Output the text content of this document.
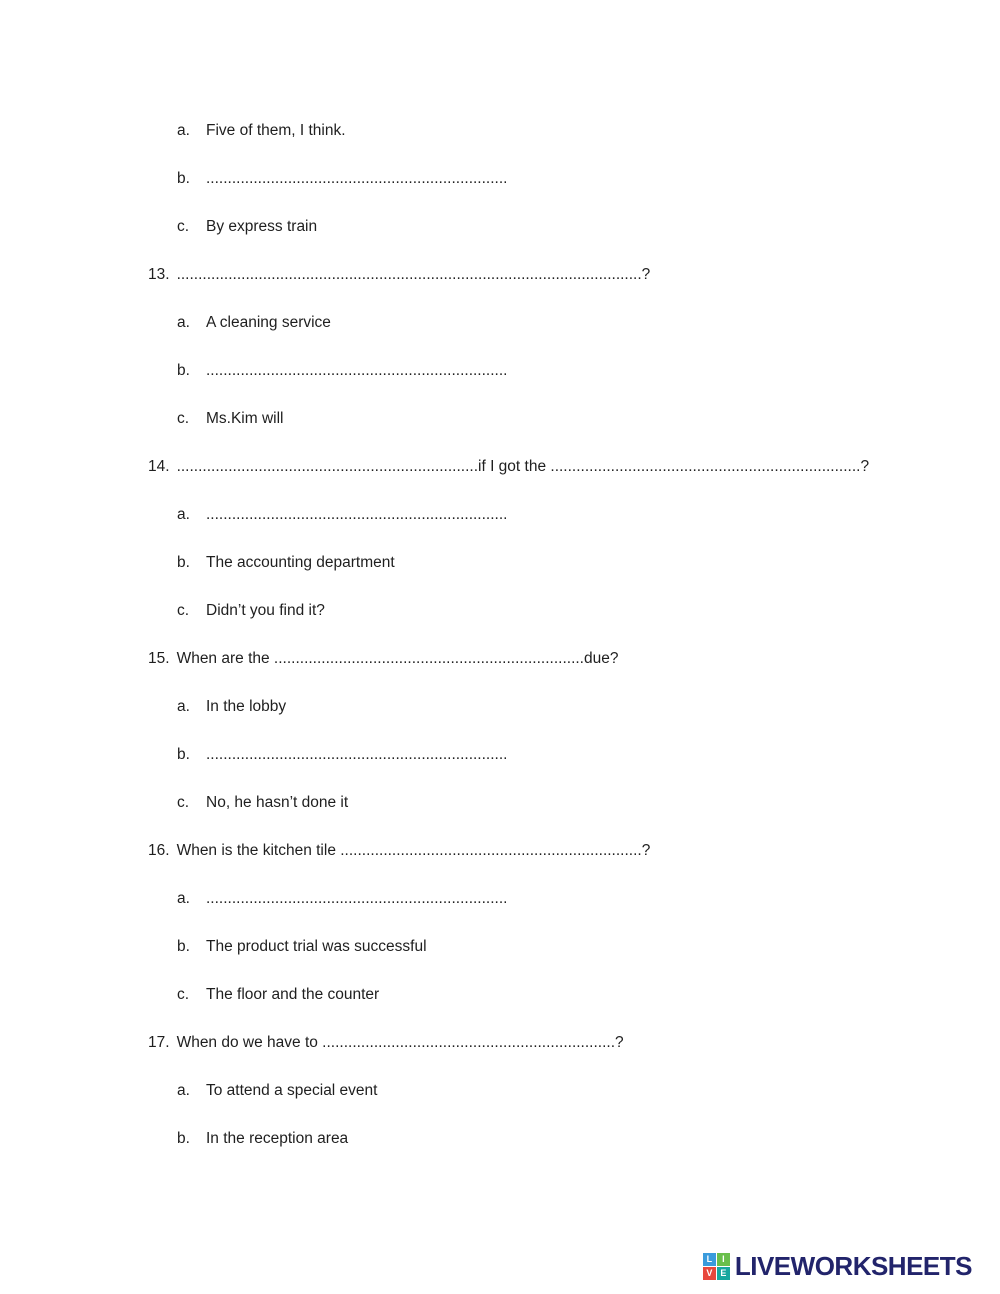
a.	Five of them, I think.
b.	......................................................................
c.	By express train
13. ............................................................................................................?
a.	A cleaning service
b.	......................................................................
c.	Ms.Kim will
14. ......................................................................if I got the ........................................................................?
a.	......................................................................
b.	The accounting department
c.	Didn’t you find it?
15. When are the ........................................................................due?
a.	In the lobby
b.	......................................................................
c.	No, he hasn’t done it
16. When is the kitchen tile ......................................................................?
a.	......................................................................
b.	The product trial was successful
c.	The floor and the counter
17. When do we have to ....................................................................?
a.	To attend a special event
b.	In the reception area
L	I
V E LIVEWORKSHEETS
